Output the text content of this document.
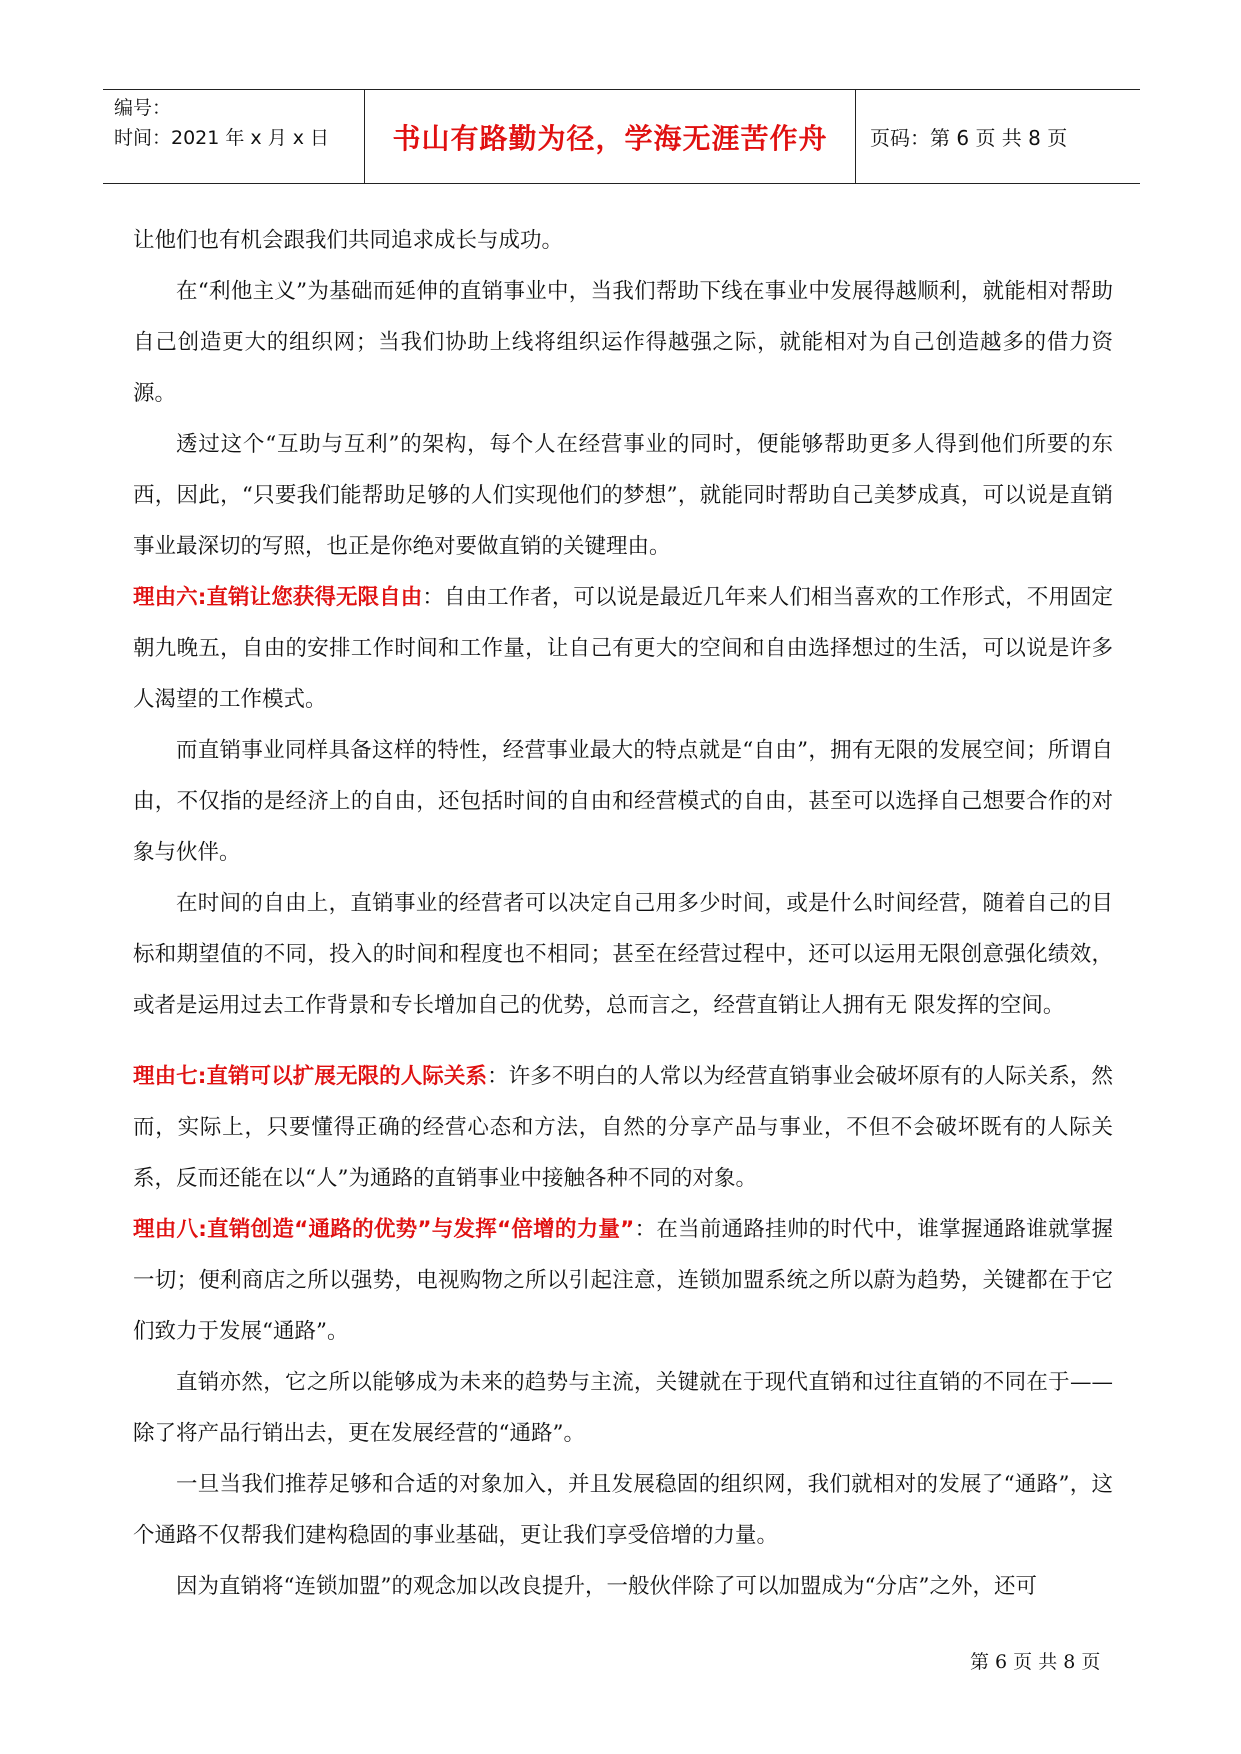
编号：
时间：2021 年 x 月 x 日	书山有路勤为径，学海无涯苦作舟	页码：第 6 页 共 8 页

让他们也有机会跟我们共同追求成长与成功。

在“利他主义”为基础而延伸的直销事业中，当我们帮助下线在事业中发展得越顺利，就能相对帮助自己创造更大的组织网；当我们协助上线将组织运作得越强之际，就能相对为自己创造越多的借力资源。

透过这个“互助与互利”的架构，每个人在经营事业的同时，便能够帮助更多人得到他们所要的东西，因此，“只要我们能帮助足够的人们实现他们的梦想”，就能同时帮助自己美梦成真，可以说是直销事业最深切的写照，也正是你绝对要做直销的关键理由。

理由六:直销让您获得无限自由：自由工作者，可以说是最近几年来人们相当喜欢的工作形式，不用固定朝九晚五，自由的安排工作时间和工作量，让自己有更大的空间和自由选择想过的生活，可以说是许多人渴望的工作模式。

而直销事业同样具备这样的特性，经营事业最大的特点就是“自由”，拥有无限的发展空间；所谓自由，不仅指的是经济上的自由，还包括时间的自由和经营模式的自由，甚至可以选择自己想要合作的对象与伙伴。

在时间的自由上，直销事业的经营者可以决定自己用多少时间，或是什么时间经营，随着自己的目标和期望值的不同，投入的时间和程度也不相同；甚至在经营过程中，还可以运用无限创意强化绩效，或者是运用过去工作背景和专长增加自己的优势，总而言之，经营直销让人拥有无 限发挥的空间。

理由七:直销可以扩展无限的人际关系：许多不明白的人常以为经营直销事业会破坏原有的人际关系，然而，实际上，只要懂得正确的经营心态和方法，自然的分享产品与事业，不但不会破坏既有的人际关系，反而还能在以“人”为通路的直销事业中接触各种不同的对象。

理由八:直销创造“通路的优势”与发挥“倍增的力量”：在当前通路挂帅的时代中，谁掌握通路谁就掌握一切；便利商店之所以强势，电视购物之所以引起注意，连锁加盟系统之所以蔚为趋势，关键都在于它们致力于发展“通路”。

直销亦然，它之所以能够成为未来的趋势与主流，关键就在于现代直销和过往直销的不同在于——除了将产品行销出去，更在发展经营的“通路”。

一旦当我们推荐足够和合适的对象加入，并且发展稳固的组织网，我们就相对的发展了“通路”，这个通路不仅帮我们建构稳固的事业基础，更让我们享受倍增的力量。

因为直销将“连锁加盟”的观念加以改良提升，一般伙伴除了可以加盟成为“分店”之外，还可

第 6 页 共 8 页
